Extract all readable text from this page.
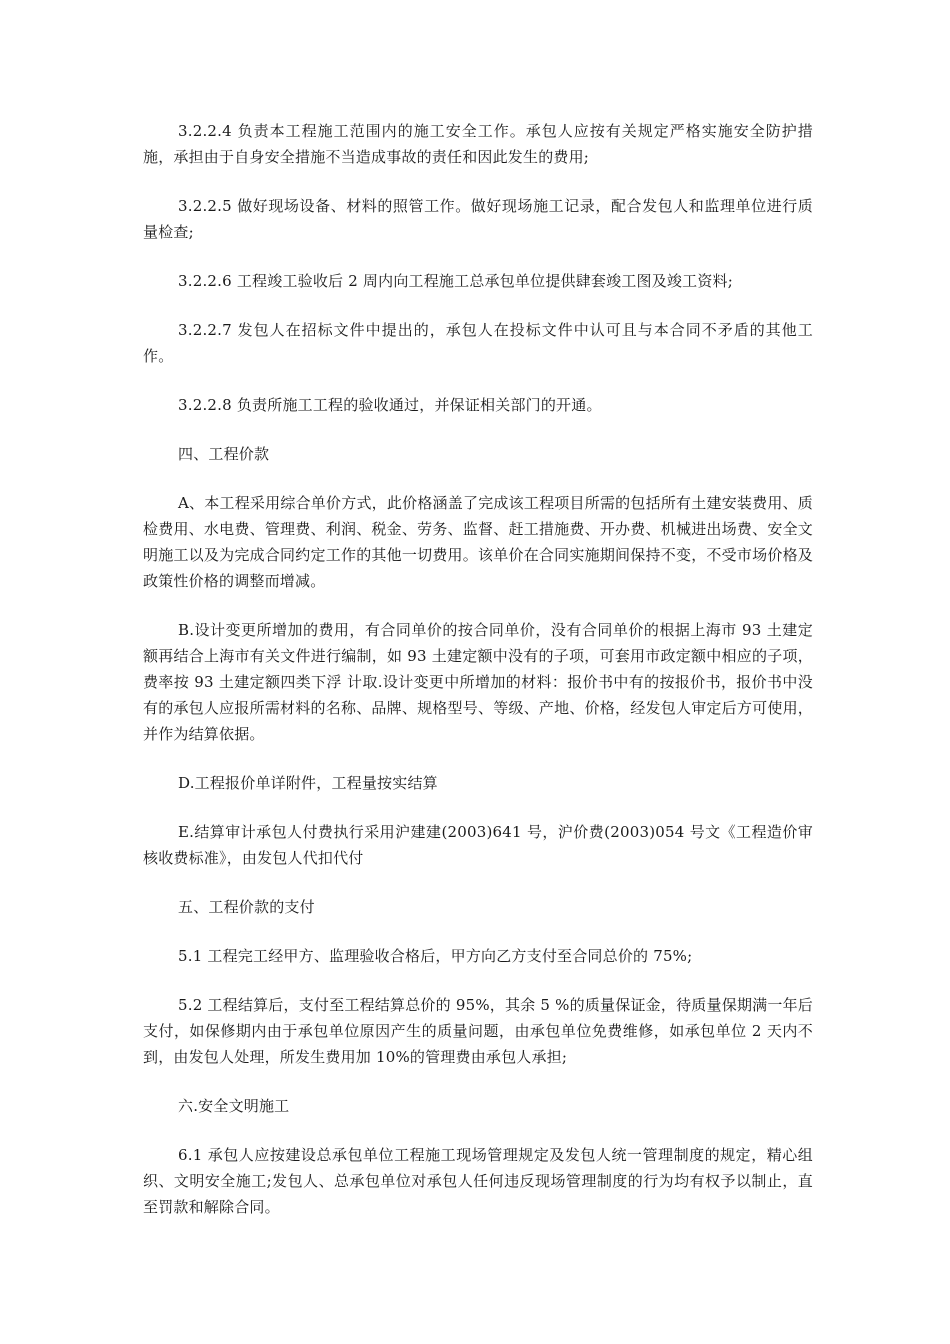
3.2.2.4 负责本工程施工范围内的施工安全工作。承包人应按有关规定严格实施安全防护措施，承担由于自身安全措施不当造成事故的责任和因此发生的费用;

3.2.2.5 做好现场设备、材料的照管工作。做好现场施工记录，配合发包人和监理单位进行质量检查;

3.2.2.6 工程竣工验收后 2 周内向工程施工总承包单位提供肆套竣工图及竣工资料;

3.2.2.7 发包人在招标文件中提出的，承包人在投标文件中认可且与本合同不矛盾的其他工作。

3.2.2.8 负责所施工工程的验收通过，并保证相关部门的开通。

四、工程价款

A、本工程采用综合单价方式，此价格涵盖了完成该工程项目所需的包括所有土建安装费用、质检费用、水电费、管理费、利润、税金、劳务、监督、赶工措施费、开办费、机械进出场费、安全文明施工以及为完成合同约定工作的其他一切费用。该单价在合同实施期间保持不变，不受市场价格及政策性价格的调整而增减。

B.设计变更所增加的费用，有合同单价的按合同单价，没有合同单价的根据上海市 93 土建定额再结合上海市有关文件进行编制，如 93 土建定额中没有的子项，可套用市政定额中相应的子项，费率按 93 土建定额四类下浮 计取.设计变更中所增加的材料：报价书中有的按报价书，报价书中没有的承包人应报所需材料的名称、品牌、规格型号、等级、产地、价格，经发包人审定后方可使用，并作为结算依据。

D.工程报价单详附件，工程量按实结算

E.结算审计承包人付费执行采用沪建建(2003)641 号，沪价费(2003)054 号文《工程造价审核收费标准》，由发包人代扣代付

五、工程价款的支付

5.1 工程完工经甲方、监理验收合格后，甲方向乙方支付至合同总价的 75%;

5.2 工程结算后，支付至工程结算总价的 95%，其余 5 %的质量保证金，待质量保期满一年后支付，如保修期内由于承包单位原因产生的质量问题，由承包单位免费维修，如承包单位 2 天内不到，由发包人处理，所发生费用加 10%的管理费由承包人承担;

六.安全文明施工

6.1 承包人应按建设总承包单位工程施工现场管理规定及发包人统一管理制度的规定，精心组织、文明安全施工;发包人、总承包单位对承包人任何违反现场管理制度的行为均有权予以制止，直至罚款和解除合同。
